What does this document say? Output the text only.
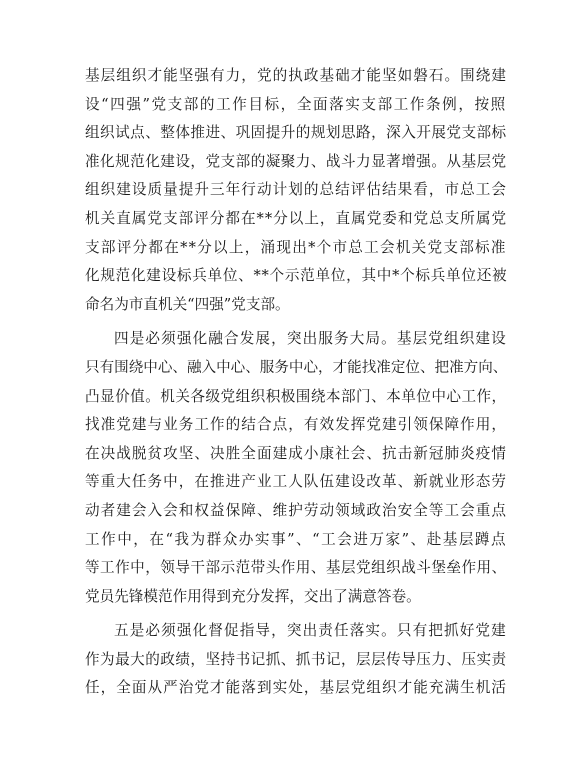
基层组织才能坚强有力，党的执政基础才能坚如磐石。围绕建
设“四强”党支部的工作目标，全面落实支部工作条例，按照
组织试点、整体推进、巩固提升的规划思路，深入开展党支部标
准化规范化建设，党支部的凝聚力、战斗力显著增强。从基层党
组织建设质量提升三年行动计划的总结评估结果看，市总工会
机关直属党支部评分都在**分以上，直属党委和党总支所属党
支部评分都在**分以上，涌现出*个市总工会机关党支部标准
化规范化建设标兵单位、**个示范单位，其中*个标兵单位还被
命名为市直机关“四强”党支部。
四是必须强化融合发展，突出服务大局。基层党组织建设
只有围绕中心、融入中心、服务中心，才能找准定位、把准方向、
凸显价值。机关各级党组织积极围绕本部门、本单位中心工作，
找准党建与业务工作的结合点，有效发挥党建引领保障作用，
在决战脱贫攻坚、决胜全面建成小康社会、抗击新冠肺炎疫情
等重大任务中，在推进产业工人队伍建设改革、新就业形态劳
动者建会入会和权益保障、维护劳动领域政治安全等工会重点
工作中，在“我为群众办实事”、“工会进万家”、赴基层蹲点
等工作中，领导干部示范带头作用、基层党组织战斗堡垒作用、
党员先锋模范作用得到充分发挥，交出了满意答卷。
五是必须强化督促指导，突出责任落实。只有把抓好党建
作为最大的政绩，坚持书记抓、抓书记，层层传导压力、压实责
任，全面从严治党才能落到实处，基层党组织才能充满生机活
